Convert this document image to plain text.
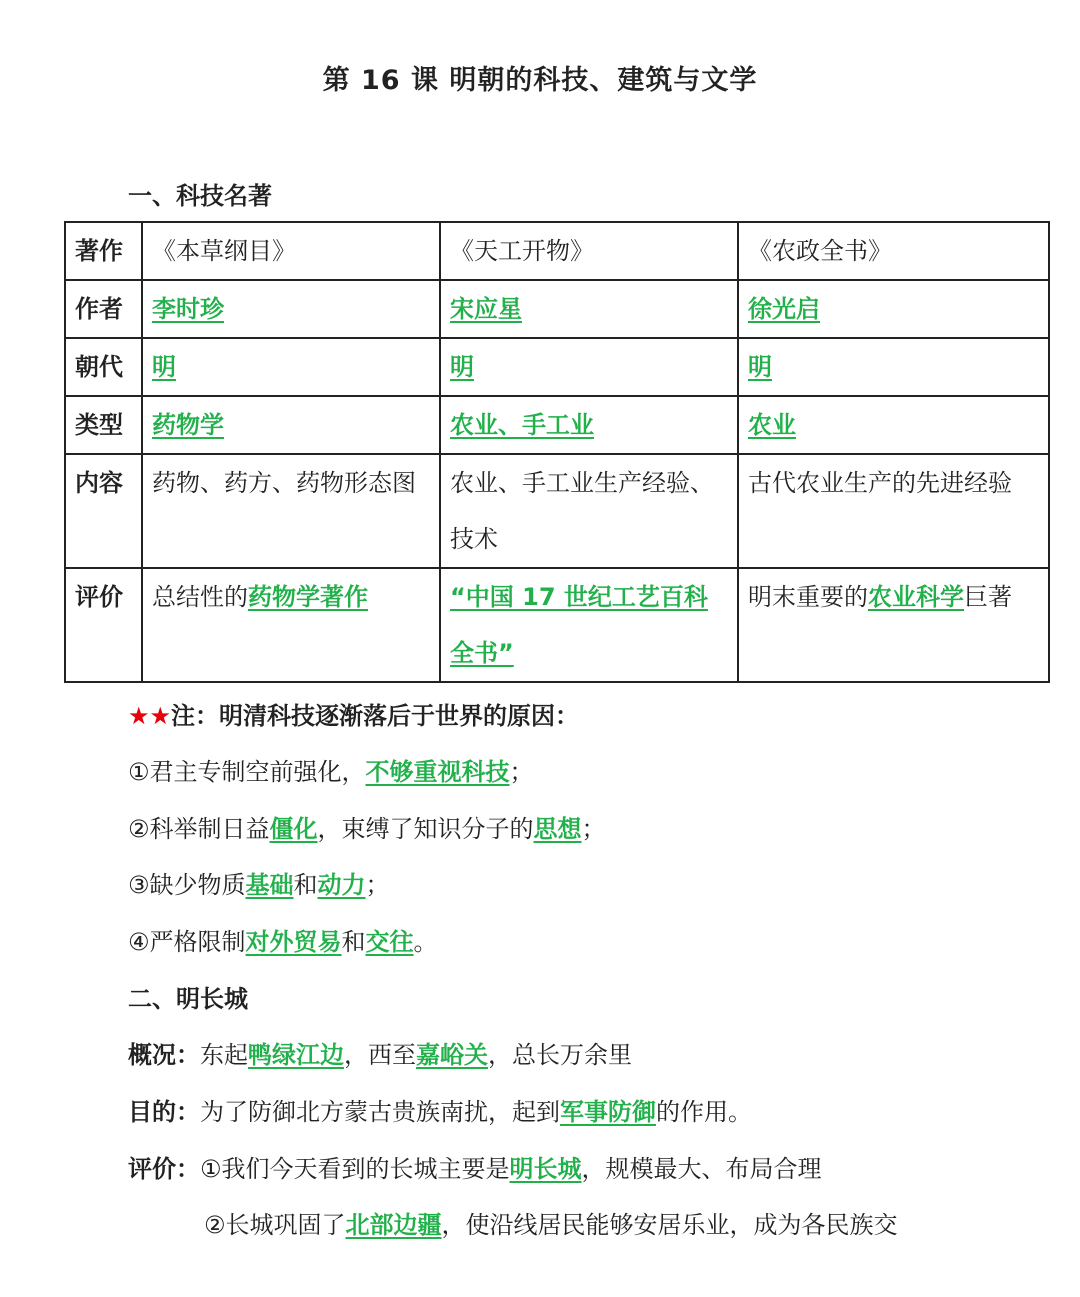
第 16 课 明朝的科技、建筑与文学
一、科技名著
著作	《本草纲目》	《天工开物》	《农政全书》
作者	李时珍	宋应星	徐光启
朝代	明	明	明
类型	药物学	农业、手工业	农业
内容	药物、药方、药物形态图	农业、手工业生产经验、技术	古代农业生产的先进经验
评价	总结性的药物学著作	“中国 17 世纪工艺百科全书”	明末重要的农业科学巨著
★★注：明清科技逐渐落后于世界的原因：
①君主专制空前强化，不够重视科技；
②科举制日益僵化，束缚了知识分子的思想；
③缺少物质基础和动力；
④严格限制对外贸易和交往。
二、明长城
概况：东起鸭绿江边，西至嘉峪关，总长万余里
目的：为了防御北方蒙古贵族南扰，起到军事防御的作用。
评价：①我们今天看到的长城主要是明长城，规模最大、布局合理
②长城巩固了北部边疆，使沿线居民能够安居乐业，成为各民族交
